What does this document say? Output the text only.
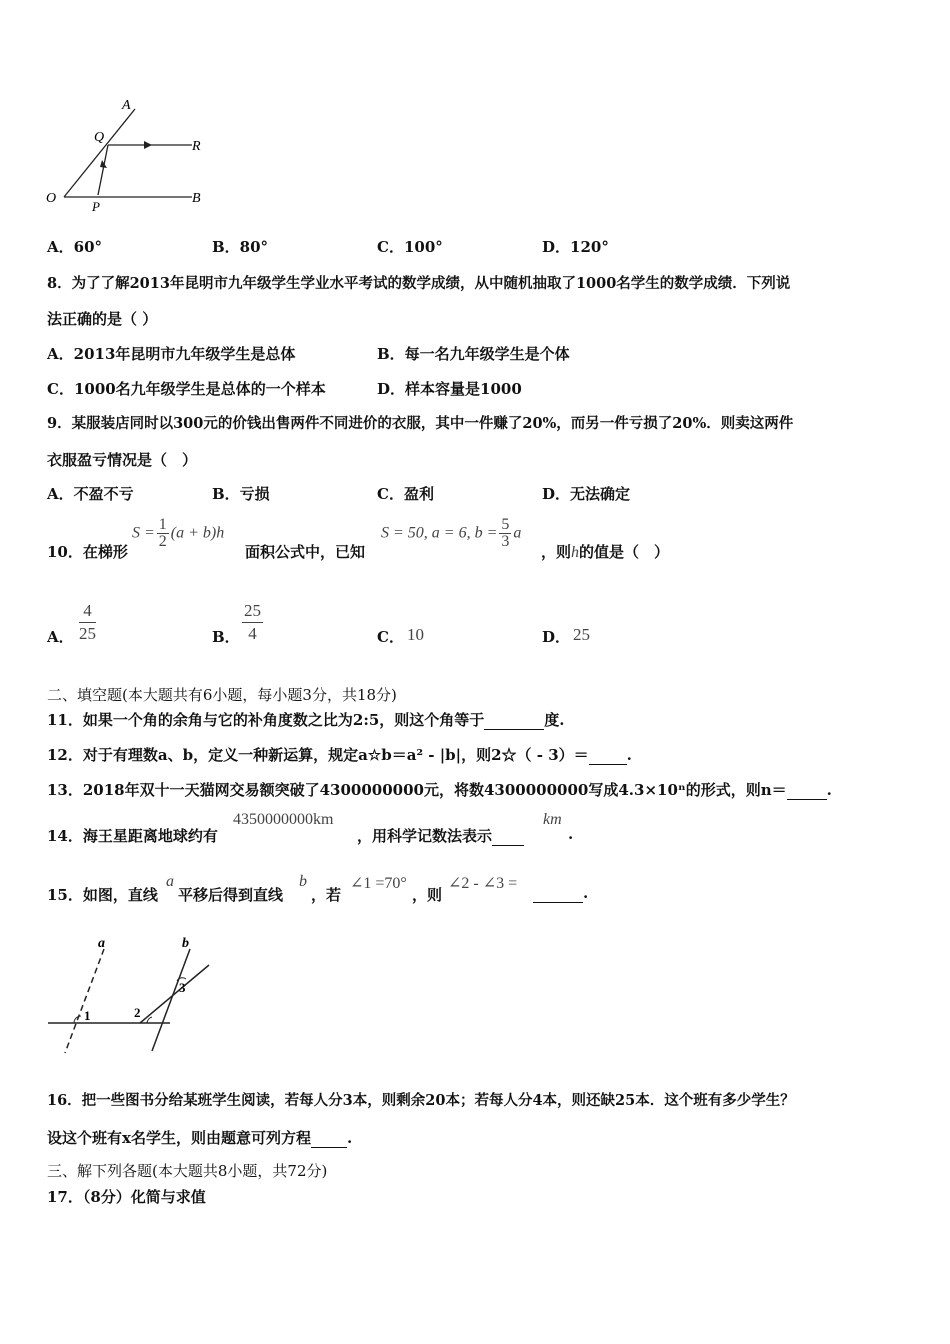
A
Q
R
O
P
B
A．60°	B．80°	C．100°	D．120°
8．为了了解2013年昆明市九年级学生学业水平考试的数学成绩，从中随机抽取了1000名学生的数学成绩．下列说
法正确的是（ ）
A．2013年昆明市九年级学生是总体	B．每一名九年级学生是个体
C．1000名九年级学生是总体的一个样本	D．样本容量是1000
9．某服装店同时以300元的价钱出售两件不同进价的衣服，其中一件赚了20%，而另一件亏损了20%．则卖这两件
衣服盈亏情况是（　）
A．不盈不亏	B．亏损	C．盈利	D．无法确定
10．在梯形
$S = \frac{1}{2} (a + b)h$
面积公式中，已知
S = 50, a = 6, $b = \frac{5}{3}$ a
，则h的值是（　）
A． $\frac{4}{25}$	B． $\frac{25}{4}$	C． 10	D． 25
二、填空题(本大题共有6小题，每小题3分，共18分)
11．如果一个角的余角与它的补角度数之比为2:5，则这个角等于	度.
12．对于有理数a、b，定义一种新运算，规定a☆b＝a² - |b|，则2☆（ - 3）＝	.
13．2018年双十一天猫网交易额突破了4300000000元，将数4300000000写成4.3×10ⁿ的形式，则n＝	.
14．海王星距离地球约有
4350000000km
，用科学记数法表示
km
.
15．如图，直线
a
平移后得到直线
b
，若
∠1 =70°
，则
∠2 - ∠3 =
.
a	b
1	2
3
16．把一些图书分给某班学生阅读，若每人分3本，则剩余20本；若每人分4本，则还缺25本．这个班有多少学生？
设这个班有x名学生，则由题意可列方程 .
三、解下列各题(本大题共8小题，共72分)
17．（8分）化简与求值
